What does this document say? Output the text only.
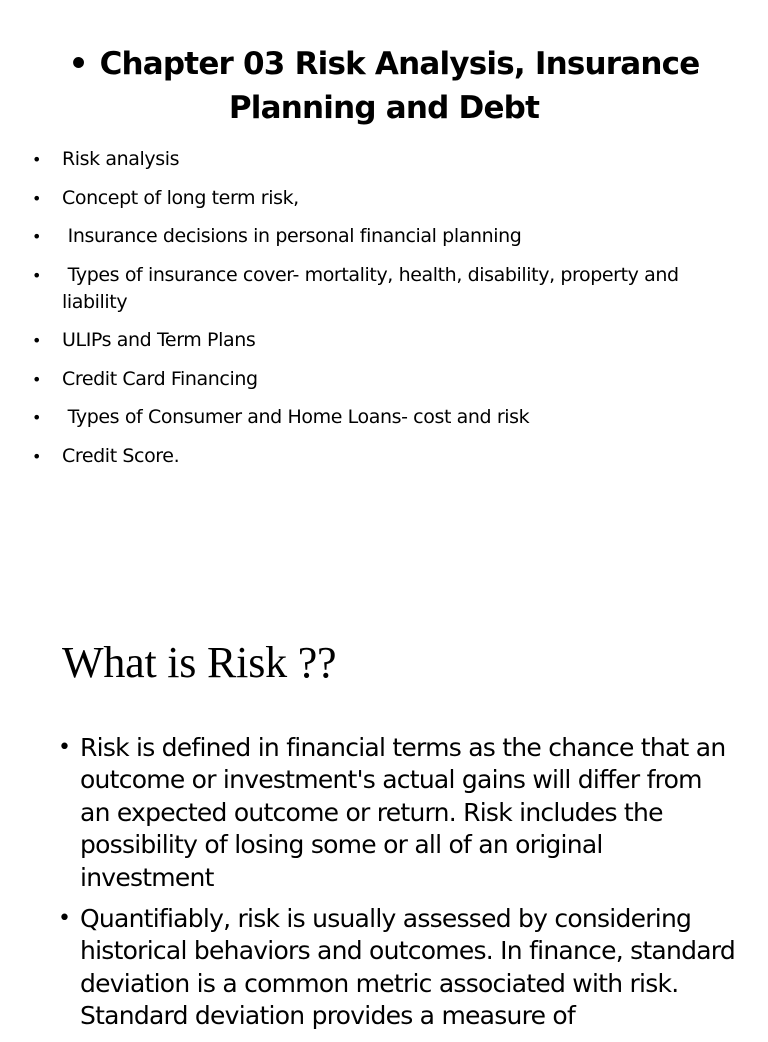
• Chapter 03 Risk Analysis, Insurance Planning and Debt
• Risk analysis
• Concept of long term risk,
• Insurance decisions in personal financial planning
• Types of insurance cover- mortality, health, disability, property and liability
• ULIPs and Term Plans
• Credit Card Financing
• Types of Consumer and Home Loans- cost and risk
• Credit Score.
What is Risk ??
• Risk is defined in financial terms as the chance that an outcome or investment's actual gains will differ from an expected outcome or return. Risk includes the possibility of losing some or all of an original investment
• Quantifiably, risk is usually assessed by considering historical behaviors and outcomes. In finance, standard deviation is a common metric associated with risk. Standard deviation provides a measure of
